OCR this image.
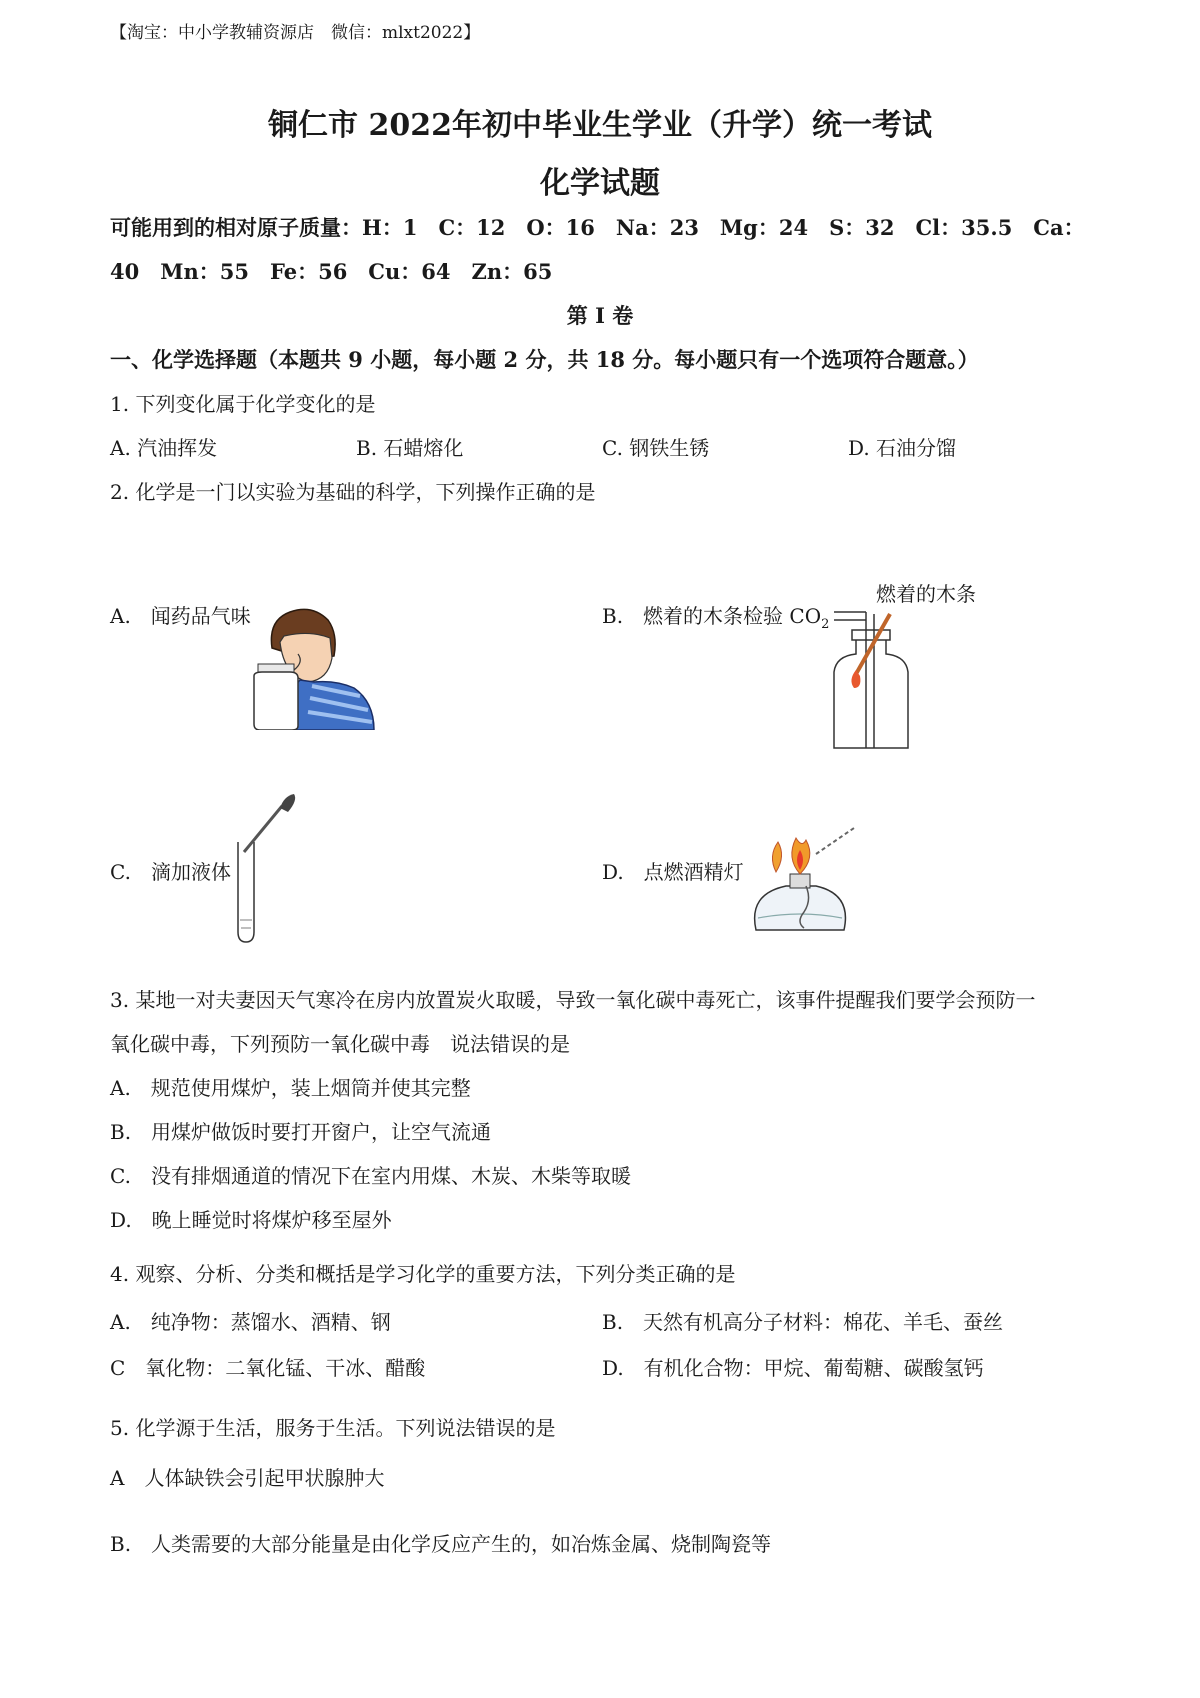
【淘宝：中小学教辅资源店　微信：mlxt2022】
铜仁市 2022年初中毕业生学业（升学）统一考试
化学试题
可能用到的相对原子质量：H：1　C：12　O：16　Na：23　Mg：24　S：32　Cl：35.5　Ca：
40　Mn：55　Fe：56　Cu：64　Zn：65
第 I 卷
一、化学选择题（本题共 9 小题，每小题 2 分，共 18 分。每小题只有一个选项符合题意。）
1. 下列变化属于化学变化的是
A. 汽油挥发	B. 石蜡熔化	C. 钢铁生锈	D. 石油分馏
2. 化学是一门以实验为基础的科学，下列操作正确的是
A.　闻药品气味	B.　燃着的木条检验 $CO_2$
燃着的木条
C.　滴加液体	D.　点燃酒精灯
3. 某地一对夫妻因天气寒冷在房内放置炭火取暖，导致一氧化碳中毒死亡，该事件提醒我们要学会预防一
氧化碳中毒，下列预防一氧化碳中毒　说法错误的是
A.　规范使用煤炉，装上烟筒并使其完整
B.　用煤炉做饭时要打开窗户，让空气流通
C.　没有排烟通道的情况下在室内用煤、木炭、木柴等取暖
D.　晚上睡觉时将煤炉移至屋外
4. 观察、分析、分类和概括是学习化学的重要方法，下列分类正确的是
A.　纯净物：蒸馏水、酒精、钢	B.　天然有机高分子材料：棉花、羊毛、蚕丝
C　氧化物：二氧化锰、干冰、醋酸	D.　有机化合物：甲烷、葡萄糖、碳酸氢钙
5. 化学源于生活，服务于生活。下列说法错误的是
A　人体缺铁会引起甲状腺肿大
B.　人类需要的大部分能量是由化学反应产生的，如冶炼金属、烧制陶瓷等
